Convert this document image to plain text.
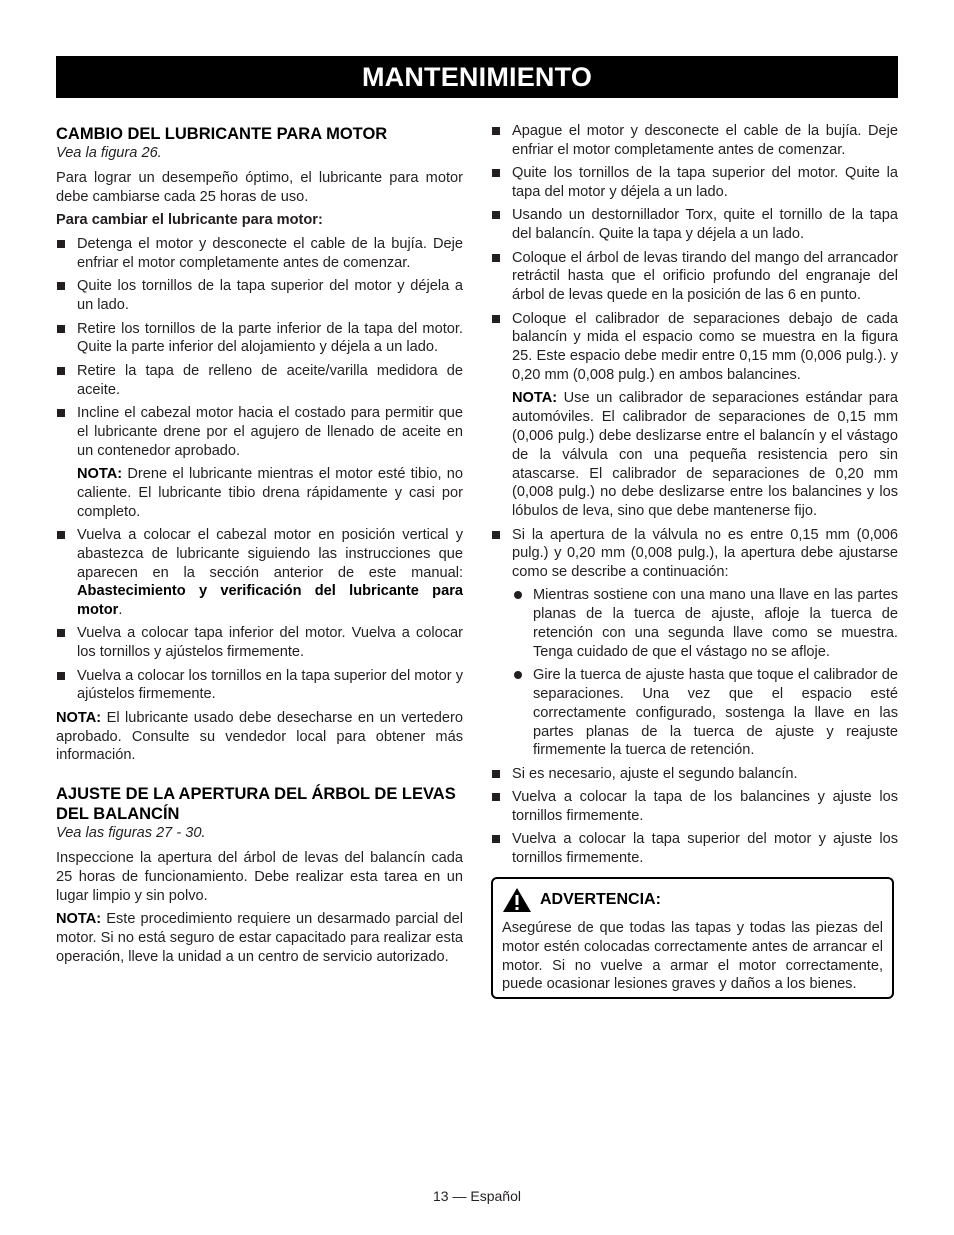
MANTENIMIENTO
CAMBIO DEL LUBRICANTE PARA MOTOR
Vea la figura 26.

Para lograr un desempeño óptimo, el lubricante para motor debe cambiarse cada 25 horas de uso.

Para cambiar el lubricante para motor:
Detenga el motor y desconecte el cable de la bujía. Deje enfriar el motor completamente antes de comenzar.
Quite los tornillos de la tapa superior del motor y déjela a un lado.
Retire los tornillos de la parte inferior de la tapa del motor. Quite la parte inferior del alojamiento y déjela a un lado.
Retire la tapa de relleno de aceite/varilla medidora de aceite.
Incline el cabezal motor hacia el costado para permitir que el lubricante drene por el agujero de llenado de aceite en un contenedor aprobado.
NOTA: Drene el lubricante mientras el motor esté tibio, no caliente. El lubricante tibio drena rápidamente y casi por completo.
Vuelva a colocar el cabezal motor en posición vertical y abastezca de lubricante siguiendo las instrucciones que aparecen en la sección anterior de este manual: Abastecimiento y verificación del lubricante para motor.
Vuelva a colocar tapa inferior del motor. Vuelva a colocar los tornillos y ajústelos firmemente.
Vuelva a colocar los tornillos en la tapa superior del motor y ajústelos firmemente.

NOTA: El lubricante usado debe desecharse en un vertedero aprobado. Consulte su vendedor local para obtener más información.

AJUSTE DE LA APERTURA DEL ÁRBOL DE LEVAS DEL BALANCÍN
Vea las figuras 27 - 30.

Inspeccione la apertura del árbol de levas del balancín cada 25 horas de funcionamiento. Debe realizar esta tarea en un lugar limpio y sin polvo.

NOTA: Este procedimiento requiere un desarmado parcial del motor. Si no está seguro de estar capacitado para realizar esta operación, lleve la unidad a un centro de servicio autorizado.

Apague el motor y desconecte el cable de la bujía. Deje enfriar el motor completamente antes de comenzar.
Quite los tornillos de la tapa superior del motor. Quite la tapa del motor y déjela a un lado.
Usando un destornillador Torx, quite el tornillo de la tapa del balancín. Quite la tapa y déjela a un lado.
Coloque el árbol de levas tirando del mango del arrancador retráctil hasta que el orificio profundo del engranaje del árbol de levas quede en la posición de las 6 en punto.
Coloque el calibrador de separaciones debajo de cada balancín y mida el espacio como se muestra en la figura 25. Este espacio debe medir entre 0,15 mm (0,006 pulg.). y 0,20 mm (0,008 pulg.) en ambos balancines.
NOTA: Use un calibrador de separaciones estándar para automóviles. El calibrador de separaciones de 0,15 mm (0,006 pulg.) debe deslizarse entre el balancín y el vástago de la válvula con una pequeña resistencia pero sin atascarse. El calibrador de separaciones de 0,20 mm (0,008 pulg.) no debe deslizarse entre los balancines y los lóbulos de leva, sino que debe mantenerse fijo.
Si la apertura de la válvula no es entre 0,15 mm (0,006 pulg.) y 0,20 mm (0,008 pulg.), la apertura debe ajustarse como se describe a continuación:
Mientras sostiene con una mano una llave en las partes planas de la tuerca de ajuste, afloje la tuerca de retención con una segunda llave como se muestra. Tenga cuidado de que el vástago no se afloje.
Gire la tuerca de ajuste hasta que toque el calibrador de separaciones. Una vez que el espacio esté correctamente configurado, sostenga la llave en las partes planas de la tuerca de ajuste y reajuste firmemente la tuerca de retención.
Si es necesario, ajuste el segundo balancín.
Vuelva a colocar la tapa de los balancines y ajuste los tornillos firmemente.
Vuelva a colocar la tapa superior del motor y ajuste los tornillos firmemente.
ADVERTENCIA:
Asegúrese de que todas las tapas y todas las piezas del motor estén colocadas correctamente antes de arrancar el motor. Si no vuelve a armar el motor correctamente, puede ocasionar lesiones graves y daños a los bienes.
13 — Español
